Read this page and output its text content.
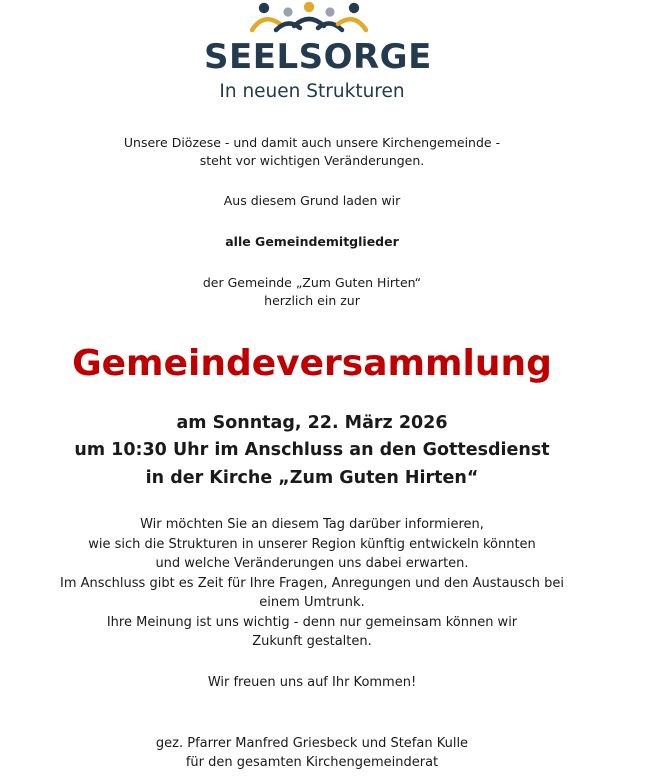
SEELSORGE
In neuen Strukturen
Unsere Diözese - und damit auch unsere Kirchengemeinde -
steht vor wichtigen Veränderungen.
Aus diesem Grund laden wir
alle Gemeindemitglieder
der Gemeinde „Zum Guten Hirten“
herzlich ein zur
Gemeindeversammlung
am Sonntag, 22. März 2026
um 10:30 Uhr im Anschluss an den Gottesdienst
in der Kirche „Zum Guten Hirten“
Wir möchten Sie an diesem Tag darüber informieren,
wie sich die Strukturen in unserer Region künftig entwickeln könnten
und welche Veränderungen uns dabei erwarten.
Im Anschluss gibt es Zeit für Ihre Fragen, Anregungen und den Austausch bei
einem Umtrunk.
Ihre Meinung ist uns wichtig - denn nur gemeinsam können wir
Zukunft gestalten.
Wir freuen uns auf Ihr Kommen!
gez. Pfarrer Manfred Griesbeck und Stefan Kulle
für den gesamten Kirchengemeinderat
